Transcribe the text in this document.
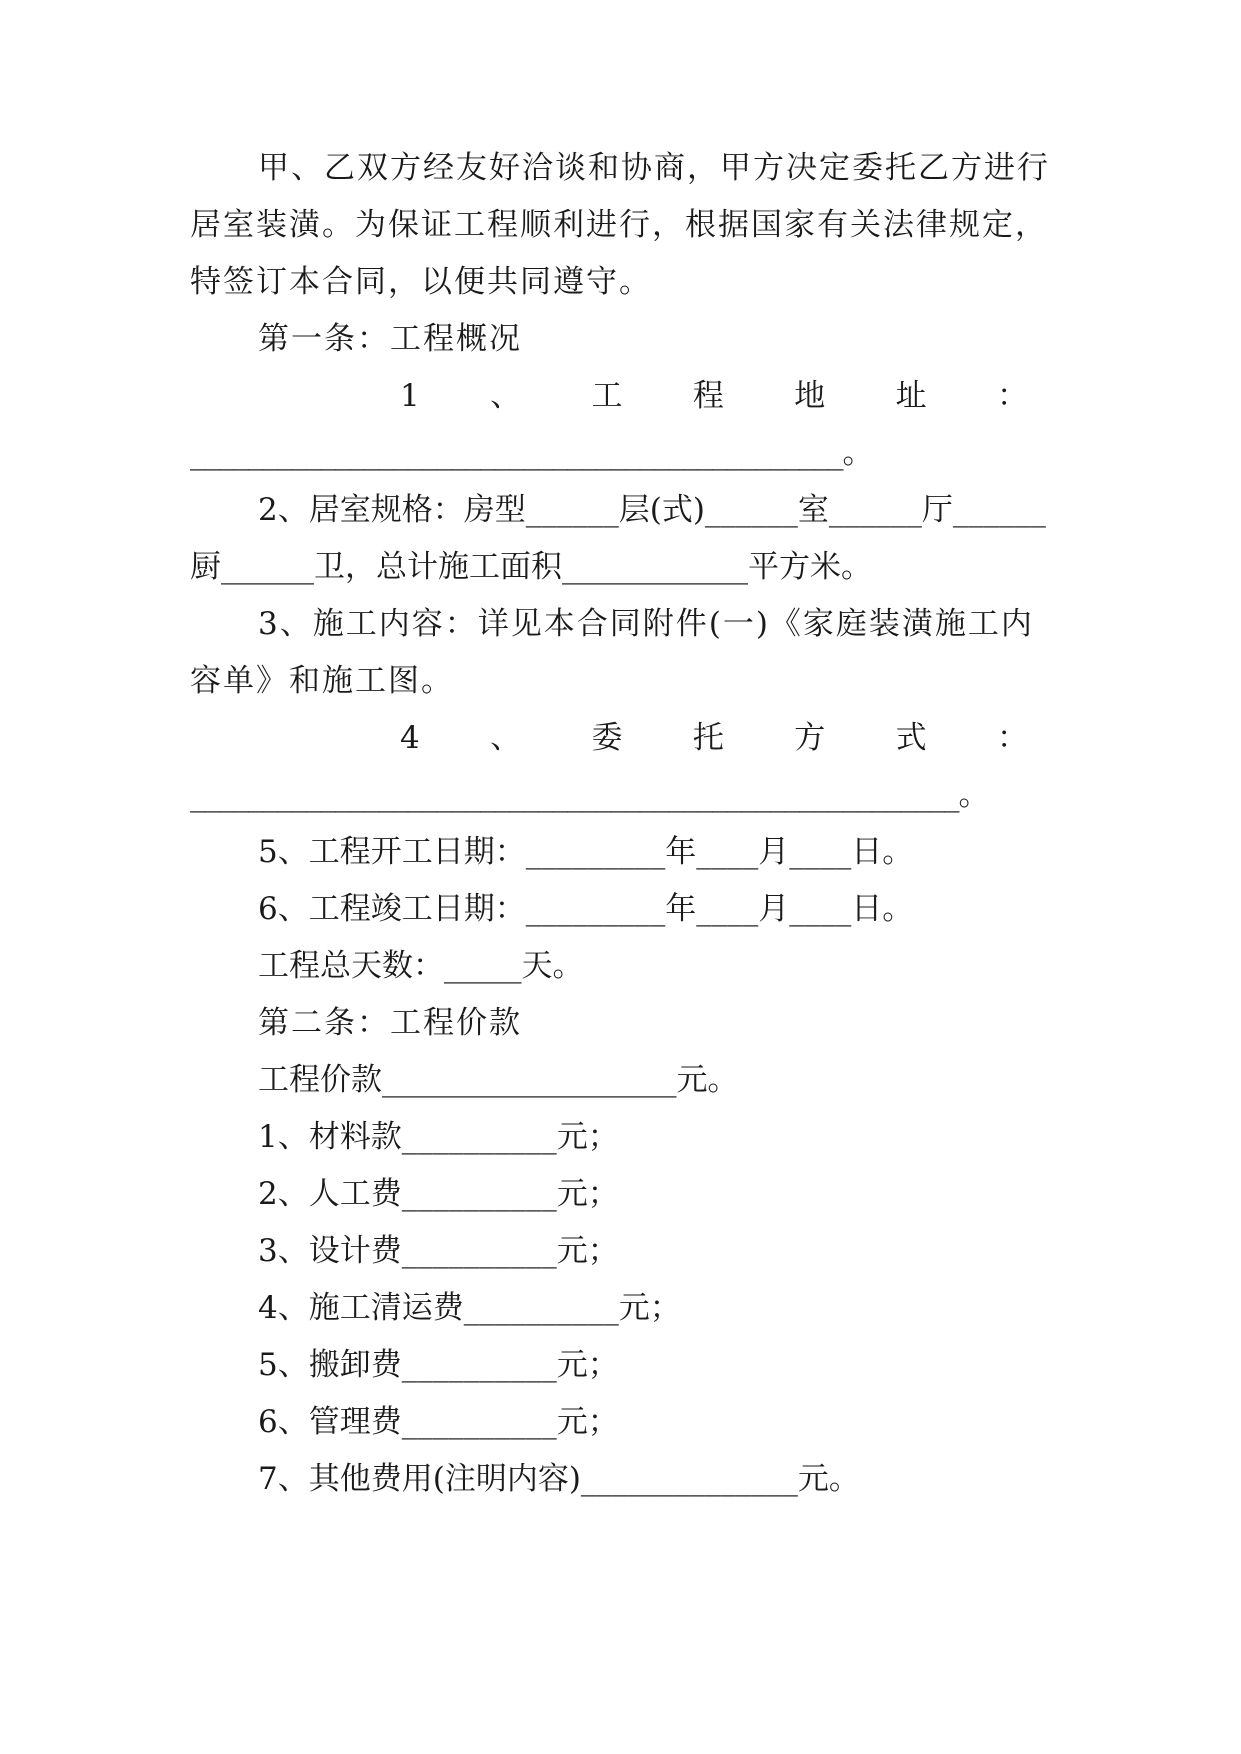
甲、乙双方经友好洽谈和协商，甲方决定委托乙方进行
居室装潢。为保证工程顺利进行，根据国家有关法律规定，
特签订本合同，以便共同遵守。
第一条：工程概况
1 、 工 程 地 址 ：
_____________________________________________。
2、居室规格：房型______层(式)______室______厅______
厨______卫，总计施工面积____________平方米。
3、施工内容：详见本合同附件(一)《家庭装潢施工内
容单》和施工图。
4 、 委 托 方 式 ：
_____________________________________________________。
5、工程开工日期：_________年____月____日。
6、工程竣工日期：_________年____月____日。
工程总天数：_____天。
第二条：工程价款
工程价款___________________元。
1、材料款__________元；
2、人工费__________元；
3、设计费__________元；
4、施工清运费__________元；
5、搬卸费__________元；
6、管理费__________元；
7、其他费用(注明内容)______________元。
